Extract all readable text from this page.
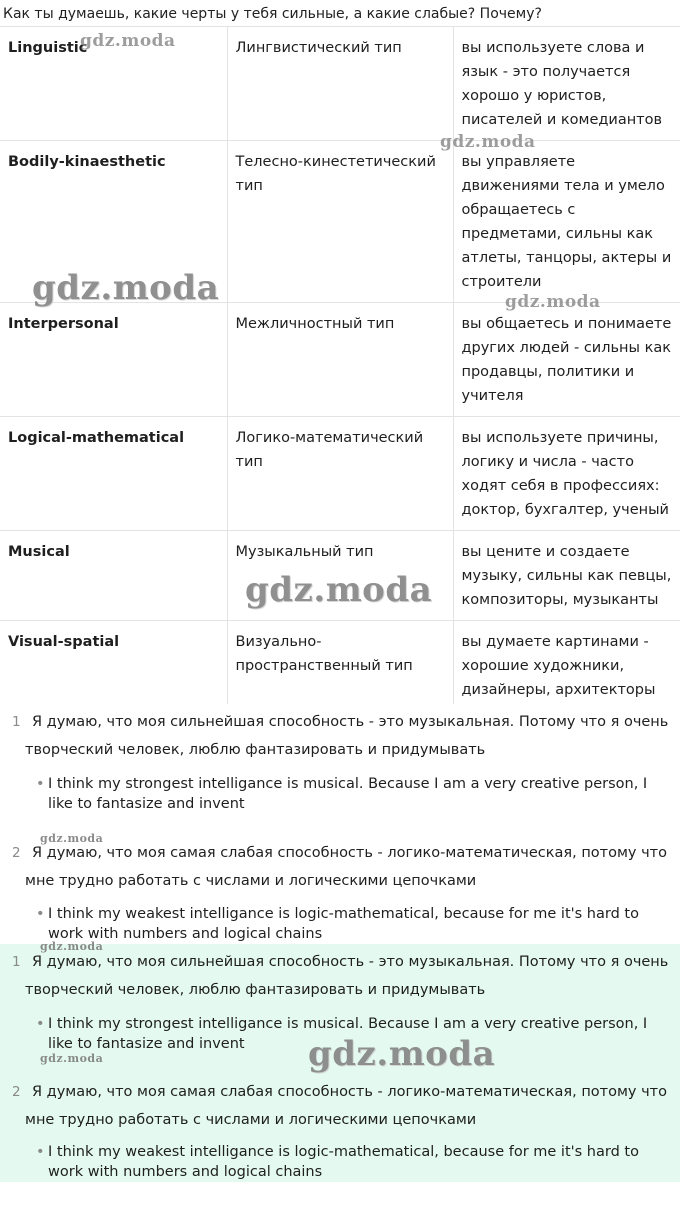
Как ты думаешь, какие черты у тебя сильные, а какие слабые? Почему?
Linguistic	Лингвистический тип	вы используете слова и язык - это получается хорошо у юристов, писателей и комедиантов
Bodily-kinaesthetic	Телесно-кинестетический тип	вы управляете движениями тела и умело обращаетесь с предметами, сильны как атлеты, танцоры, актеры и строители
Interpersonal	Межличностный тип	вы общаетесь и понимаете других людей - сильны как продавцы, политики и учителя
Logical-mathematical	Логико-математический тип	вы используете причины, логику и числа - часто ходят себя в профессиях: доктор, бухгалтер, ученый
Musical	Музыкальный тип	вы цените и создаете музыку, сильны как певцы, композиторы, музыканты
Visual-spatial	Визуально-пространственный тип	вы думаете картинами - хорошие художники, дизайнеры, архитекторы
1 Я думаю, что моя сильнейшая способность - это музыкальная. Потому что я очень
творческий человек, люблю фантазировать и придумывать
• I think my strongest intelligance is musical. Because I am a very creative person, I like to fantasize and invent
2 Я думаю, что моя самая слабая способность - логико-математическая, потому что
мне трудно работать с числами и логическими цепочками
• I think my weakest intelligance is logic-mathematical, because for me it's hard to work with numbers and logical chains
1 Я думаю, что моя сильнейшая способность - это музыкальная. Потому что я очень
творческий человек, люблю фантазировать и придумывать
• I think my strongest intelligance is musical. Because I am a very creative person, I like to fantasize and invent
2 Я думаю, что моя самая слабая способность - логико-математическая, потому что
мне трудно работать с числами и логическими цепочками
• I think my weakest intelligance is logic-mathematical, because for me it's hard to work with numbers and logical chains
gdz.moda
gdz.moda
gdz.moda	gdz.moda
gdz.moda
gdz.moda
gdz.moda
gdz.moda	gdz.moda
